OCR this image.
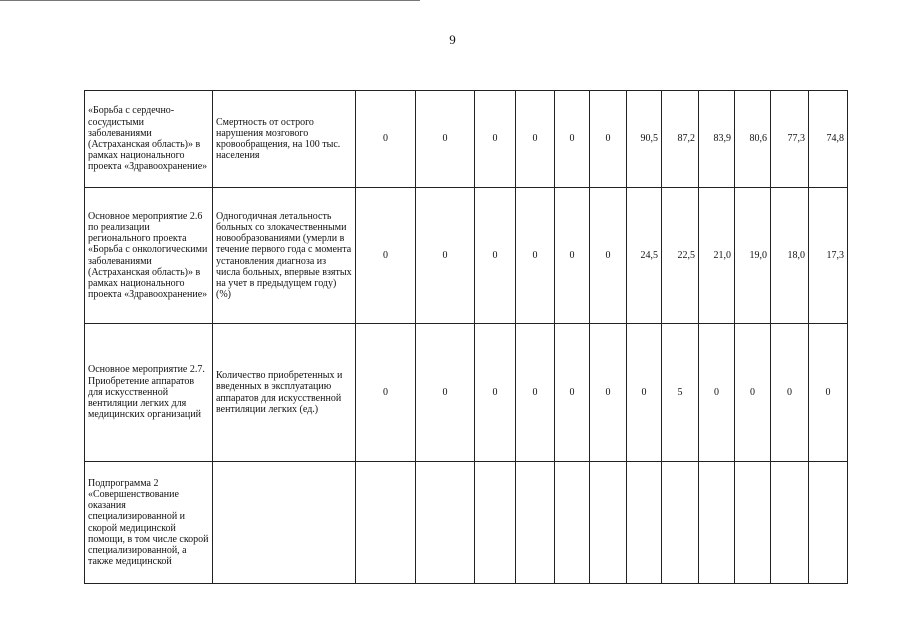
9
«Борьба с сердечно-сосудистыми заболеваниями (Астраханская область)» в рамках национального проекта «Здравоохранение»	Смертность от острого нарушения мозгового кровообращения, на 100 тыс. населения	0	0	0	0	0	0	90,5	87,2	83,9	80,6	77,3	74,8
Основное мероприятие 2.6 по реализации регионального проекта «Борьба с онкологическими заболеваниями (Астраханская область)» в рамках национального проекта «Здравоохранение»	Одногодичная летальность больных со злокачественными новообразованиями (умерли в течение первого года с момента установления диагноза из числа больных, впервые взятых на учет в предыдущем году) (%)	0	0	0	0	0	0	24,5	22,5	21,0	19,0	18,0	17,3
Основное мероприятие 2.7. Приобретение аппаратов для искусственной вентиляции легких для медицинских организаций	Количество приобретенных и введенных в эксплуатацию аппаратов для искусственной вентиляции легких (ед.)	0	0	0	0	0	0	0	5	0	0	0	0
Подпрограмма 2 «Совершенствование оказания специализированной и скорой медицинской помощи, в том числе скорой специализированной, а также медицинской													
